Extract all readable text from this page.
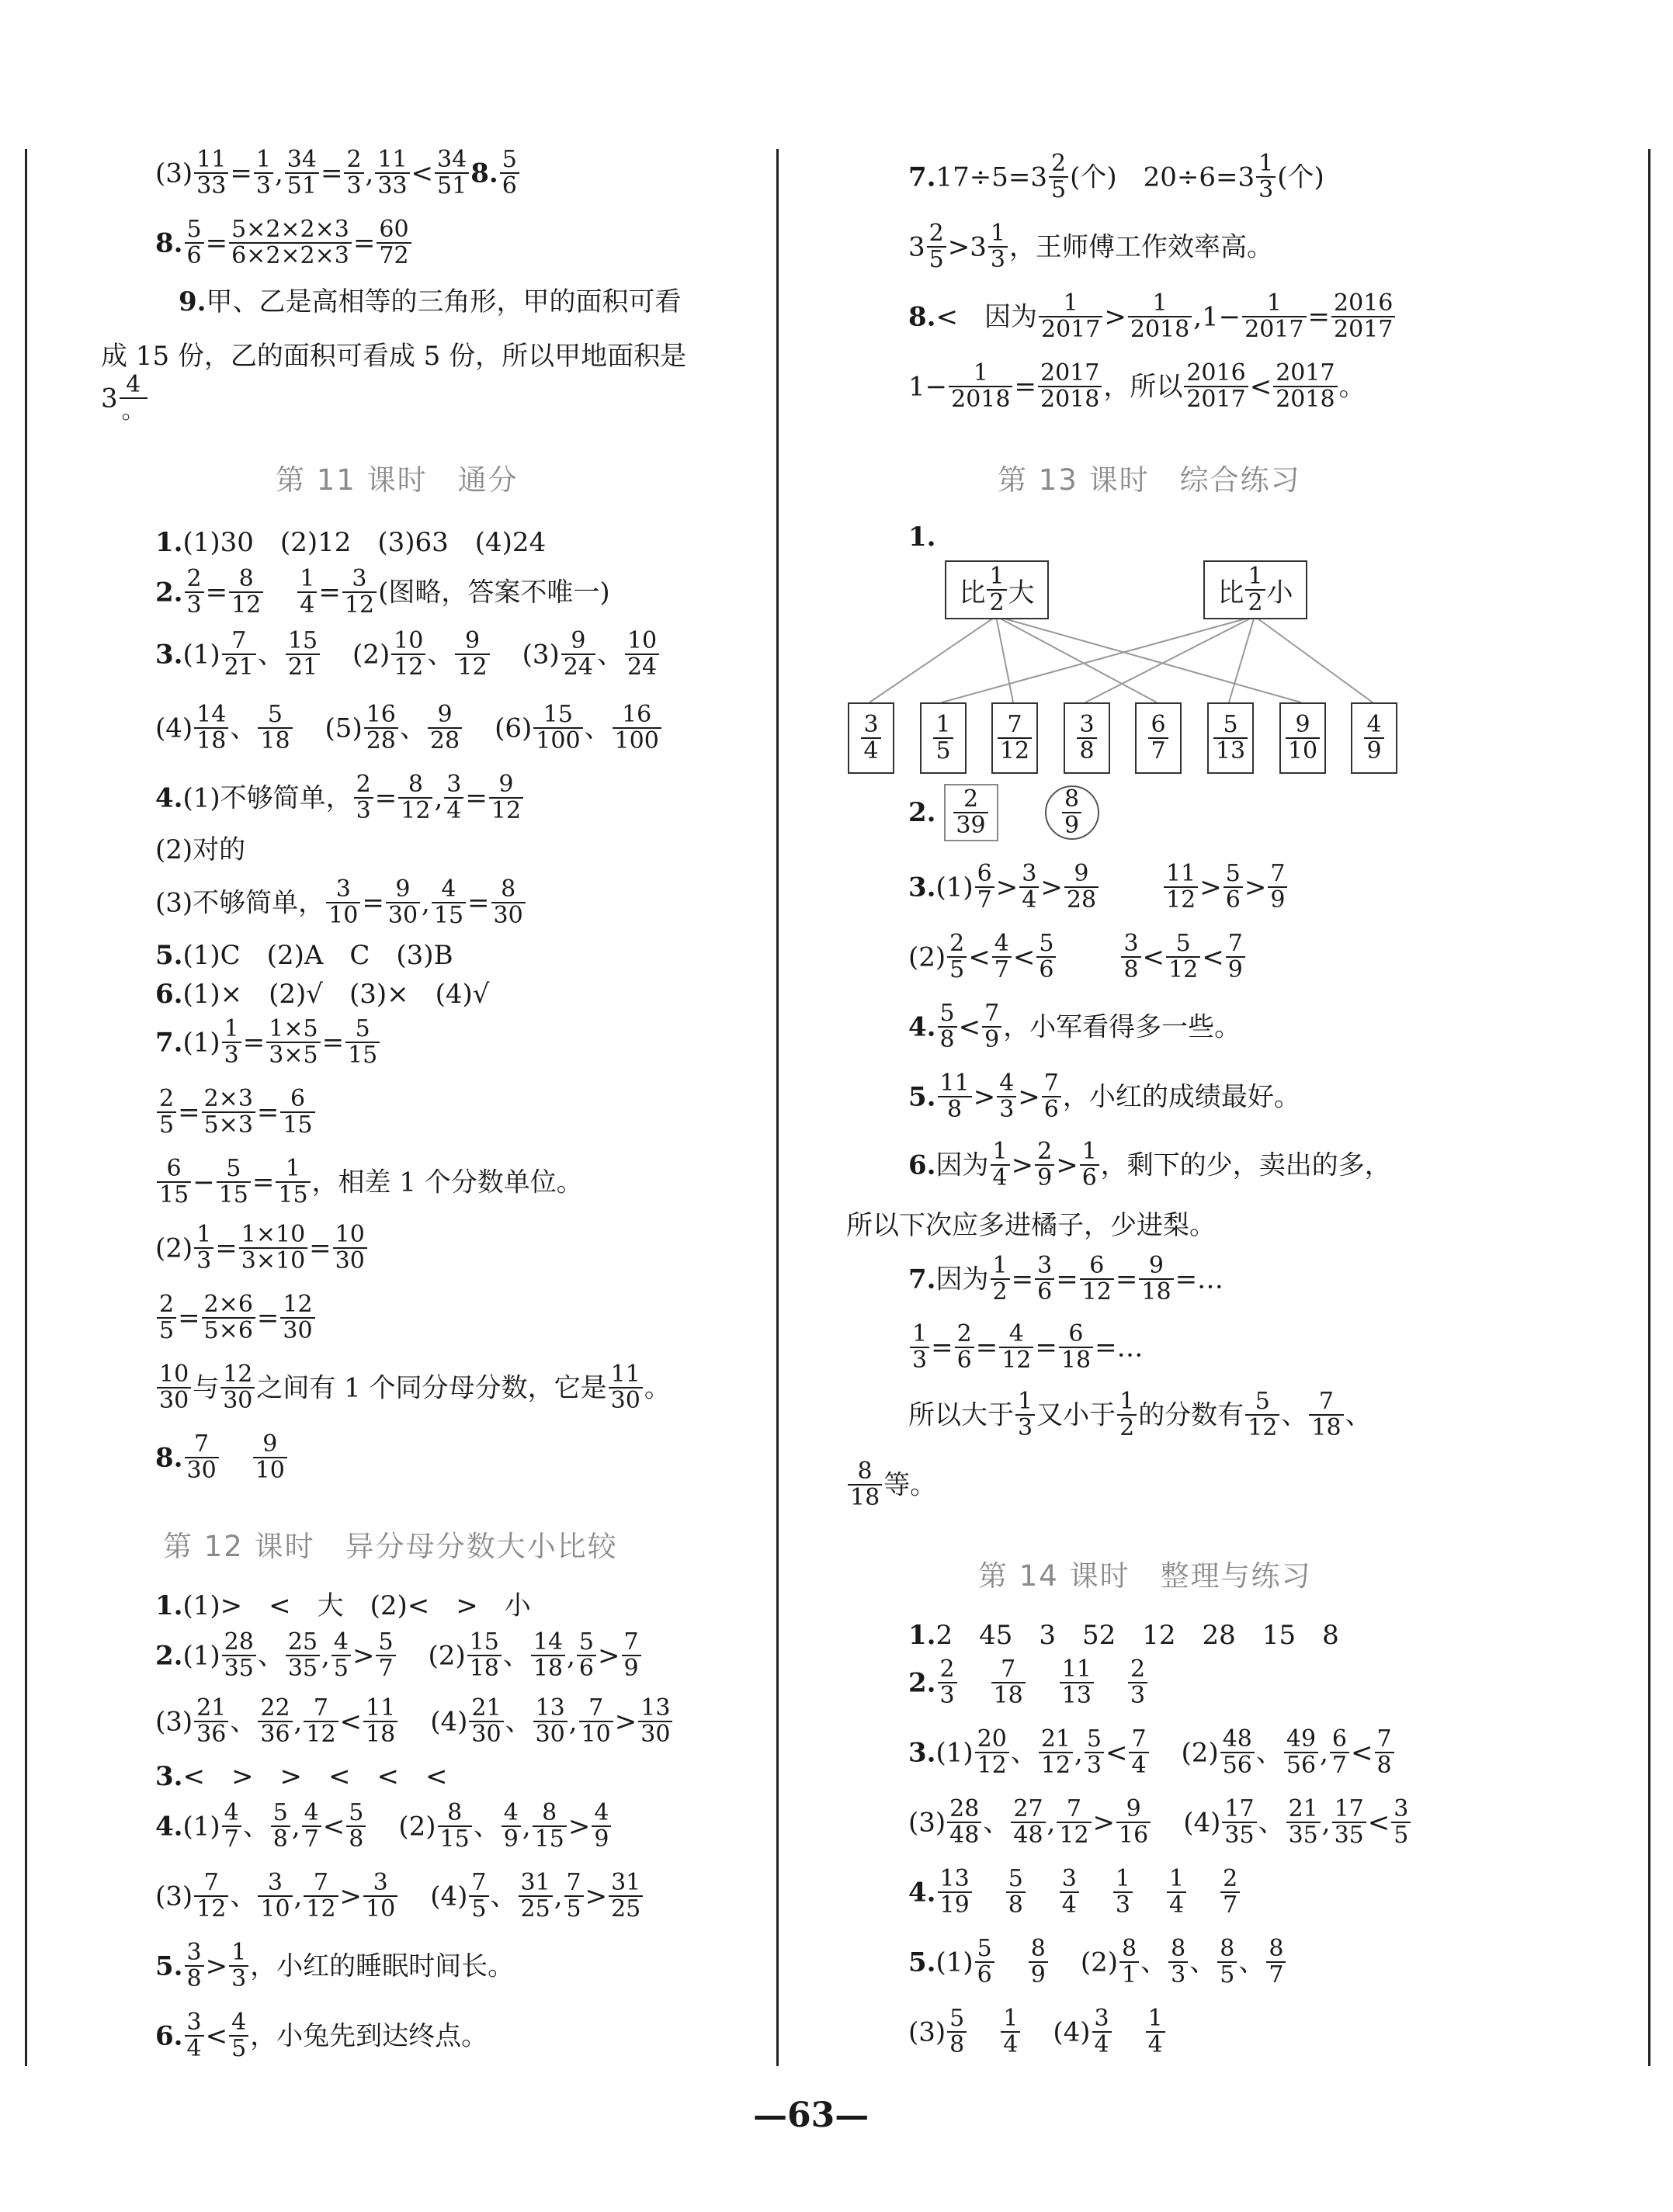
$(3) \frac{11}{33} = \frac{1}{3}$ , $\frac{34}{51} = \frac{2}{3}$ , $\frac{11}{33} < \frac{34}{51} 8$. $\frac{5}{6}$
8. $\frac{5}{6} = \frac{5\times 2\times 2\times 3}{6\times 2\times 2\times 3} = \frac{60}{72}$
9.甲、乙是高相等的三角形，甲的面积可看
成 15 份，乙的面积可看成 5 份，所以甲地面积是
3 4
。
第 11 课时　通分
1.(1)30　(2)12　(3)63　(4)24
2. $\frac{2}{3} = \frac{8}{12} \frac{1}{4} = \frac{3}{12}$ (图略，答案不唯一)
$3.(1) \frac{7}{21}$ 、 $\frac{15}{21} (2) \frac{10}{12}$ 、 $\frac{9}{12} (3) \frac{9}{24}$ 、 $\frac{10}{24}$
$(4) \frac{14}{18}$ 、 $\frac{5}{18} (5) \frac{16}{28}$ 、 $\frac{9}{28} (6) \frac{15}{100}$ 、 $\frac{16}{100}$
4.(1)不够简单， $\frac{2}{3} = \frac{8}{12}$ , $\frac{3}{4} = \frac{9}{12}$
(2)对的
(3)不够简单， $\frac{3}{10} = \frac{9}{30}$ , $\frac{4}{15} = \frac{8}{30}$
5.(1)C　(2)A　C　(3)B
6.(1)×　(2)√　(3)×　(4)√
$7.(1) \frac{1}{3} = \frac{1\times 5}{3\times 5} = \frac{5}{15}$
$\frac{2}{5} = \frac{2\times 3}{5\times 3} = \frac{6}{15}$
$\frac{6}{15} - \frac{5}{15} = \frac{1}{15}$ ，相差 1 个分数单位。
$(2) \frac{1}{3} = \frac{1\times 10}{3\times 10} = \frac{10}{30}$
$\frac{2}{5} = \frac{2\times 6}{5\times 6} = \frac{12}{30}$
$\frac{10}{30}$ 与 $\frac{12}{30}$ 之间有 1 个同分母分数，它是 $\frac{11}{30}$ 。
8. $\frac{7}{30} \frac{9}{10}$
第 12 课时　异分母分数大小比较
1.(1)>　<　大　(2)<　>　小
$2.(1) \frac{28}{35}$ 、 $\frac{25}{35}$ , $\frac{4}{5} > \frac{5}{7} (2) \frac{15}{18}$ 、 $\frac{14}{18}$ , $\frac{5}{6} > \frac{7}{9}$
$(3) \frac{21}{36}$ 、 $\frac{22}{36}$ , $\frac{7}{12} < \frac{11}{18} (4) \frac{21}{30}$ 、 $\frac{13}{30}$ , $\frac{7}{10} > \frac{13}{30}$
3.<　>　>　<　<　<
$4.(1) \frac{4}{7}$ 、 $\frac{5}{8}$ , $\frac{4}{7} < \frac{5}{8} (2) \frac{8}{15}$ 、 $\frac{4}{9}$ , $\frac{8}{15} > \frac{4}{9}$
$(3) \frac{7}{12}$ 、 $\frac{3}{10}$ , $\frac{7}{12} > \frac{3}{10} (4) \frac{7}{5}$ 、 $\frac{31}{25}$ , $\frac{7}{5} > \frac{31}{25}$
5. $\frac{3}{8} > \frac{1}{3}$ ，小红的睡眠时间长。
6. $\frac{3}{4} < \frac{4}{5}$ ，小兔先到达终点。
$7.17\div 5=3 \frac{2}{5}$ (个)　$20\div 6=3 \frac{1}{3}$ (个)
$3 \frac{2}{5} >3 \frac{1}{3}$ ，王师傅工作效率高。
8.<　因为 $\frac{1}{2017} > \frac{1}{2018} ,1- \frac{1}{2017} = \frac{2016}{2017}$
$1- \frac{1}{2018} = \frac{2017}{2018}$ ，所以 $\frac{2016}{2017} < \frac{2017}{2018}$ 。
第 13 课时　综合练习
1.
比 $\frac{1}{2}$ 大	比 $\frac{1}{2}$ 小
$\frac{3}{4} \frac{1}{5} \frac{7}{12} \frac{3}{8} \frac{6}{7} \frac{5}{13} \frac{9}{10} \frac{4}{9}$
2. $\frac{2}{39}$	$\frac{8}{9}$
$3.(1) \frac{6}{7} > \frac{3}{4} > \frac{9}{28}$	$\frac{11}{12} > \frac{5}{6} > \frac{7}{9}$
$(2) \frac{2}{5} < \frac{4}{7} < \frac{5}{6}$	$\frac{3}{8} < \frac{5}{12} < \frac{7}{9}$
4. $\frac{5}{8} < \frac{7}{9}$ ，小军看得多一些。
5. $\frac{11}{8} > \frac{4}{3} > \frac{7}{6}$ ，小红的成绩最好。
6.因为 $\frac{1}{4} > \frac{2}{9} > \frac{1}{6}$ ，剩下的少，卖出的多，
所以下次应多进橘子，少进梨。
7.因为 $\frac{1}{2} = \frac{3}{6} = \frac{6}{12} = \frac{9}{18}$ =…
$\frac{1}{3} = \frac{2}{6} = \frac{4}{12} = \frac{6}{18}$ =…
所以大于 $\frac{1}{3}$ 又小于 $\frac{1}{2}$ 的分数有 $\frac{5}{12}$ 、 $\frac{7}{18}$ 、
$\frac{8}{18}$ 等。
第 14 课时　整理与练习
1.2　45　3　52　12　28　15　8
2. $\frac{2}{3} \frac{7}{18} \frac{11}{13} \frac{2}{3}$
$3.(1) \frac{20}{12}$ 、 $\frac{21}{12}$ , $\frac{5}{3} < \frac{7}{4} (2) \frac{48}{56}$ 、 $\frac{49}{56}$ , $\frac{6}{7} < \frac{7}{8}$
$(3) \frac{28}{48}$ 、 $\frac{27}{48}$ , $\frac{7}{12} > \frac{9}{16} (4) \frac{17}{35}$ 、 $\frac{21}{35}$ , $\frac{17}{35} < \frac{3}{5}$
4. $\frac{13}{19} \frac{5}{8} \frac{3}{4} \frac{1}{3} \frac{1}{4} \frac{2}{7}$
$5.(1) \frac{5}{6} \frac{8}{9} (2) \frac{8}{1}$ 、 $\frac{8}{3}$ 、 $\frac{8}{5}$ 、 $\frac{8}{7}$
$(3) \frac{5}{8} \frac{1}{4} (4) \frac{3}{4} \frac{1}{4}$
—63—
